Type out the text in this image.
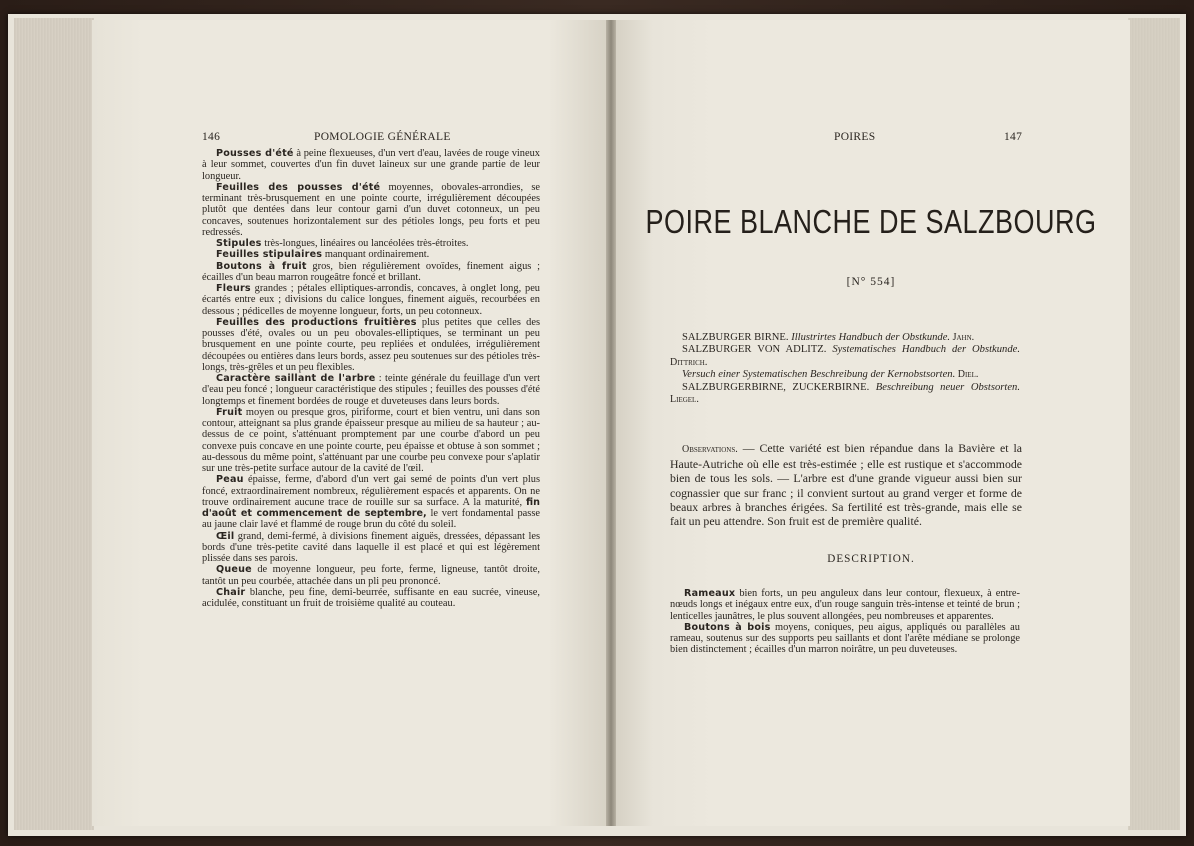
146	POMOLOGIE GÉNÉRALE

Pousses d'été à peine flexueuses, d'un vert d'eau, lavées de rouge vineux à leur sommet, couvertes d'un fin duvet laineux sur une grande partie de leur longueur.

Feuilles des pousses d'été moyennes, obovales-arrondies, se terminant très-brusquement en une pointe courte, irrégulièrement découpées plutôt que dentées dans leur contour garni d'un duvet cotonneux, un peu concaves, soutenues horizontalement sur des pétioles longs, peu forts et peu redressés.

Stipules très-longues, linéaires ou lancéolées très-étroites.

Feuilles stipulaires manquant ordinairement.

Boutons à fruit gros, bien régulièrement ovoïdes, finement aigus ; écailles d'un beau marron rougeâtre foncé et brillant.

Fleurs grandes ; pétales elliptiques-arrondis, concaves, à onglet long, peu écartés entre eux ; divisions du calice longues, finement aiguës, recourbées en dessous ; pédicelles de moyenne longueur, forts, un peu cotonneux.

Feuilles des productions fruitières plus petites que celles des pousses d'été, ovales ou un peu obovales-elliptiques, se terminant un peu brusquement en une pointe courte, peu repliées et ondulées, irrégulièrement découpées ou entières dans leurs bords, assez peu soutenues sur des pétioles très-longs, très-grêles et un peu flexibles.

Caractère saillant de l'arbre : teinte générale du feuillage d'un vert d'eau peu foncé ; longueur caractéristique des stipules ; feuilles des pousses d'été longtemps et finement bordées de rouge et duveteuses dans leurs bords.

Fruit moyen ou presque gros, piriforme, court et bien ventru, uni dans son contour, atteignant sa plus grande épaisseur presque au milieu de sa hauteur ; au-dessus de ce point, s'atténuant promptement par une courbe d'abord un peu convexe puis concave en une pointe courte, peu épaisse et obtuse à son sommet ; au-dessous du même point, s'atténuant par une courbe peu convexe pour s'aplatir sur une très-petite surface autour de la cavité de l'œil.

Peau épaisse, ferme, d'abord d'un vert gai semé de points d'un vert plus foncé, extraordinairement nombreux, régulièrement espacés et apparents. On ne trouve ordinairement aucune trace de rouille sur sa surface. A la maturité, fin d'août et commencement de septembre, le vert fondamental passe au jaune clair lavé et flammé de rouge brun du côté du soleil.

Œil grand, demi-fermé, à divisions finement aiguës, dressées, dépassant les bords d'une très-petite cavité dans laquelle il est placé et qui est légèrement plissée dans ses parois.

Queue de moyenne longueur, peu forte, ferme, ligneuse, tantôt droite, tantôt un peu courbée, attachée dans un pli peu prononcé.

Chair blanche, peu fine, demi-beurrée, suffisante en eau sucrée, vineuse, acidulée, constituant un fruit de troisième qualité au couteau.

POIRES	147
POIRE BLANCHE DE SALZBOURG
[N° 554]

SALZBURGER BIRNE. Illustrirtes Handbuch der Obstkunde. Jahn.

SALZBURGER VON ADLITZ. Systematisches Handbuch der Obstkunde. Dittrich.

Versuch einer Systematischen Beschreibung der Kernobstsorten. Diel.

SALZBURGERBIRNE, ZUCKERBIRNE. Beschreibung neuer Obstsorten. Liegel.

Observations. — Cette variété est bien répandue dans la Bavière et la Haute-Autriche où elle est très-estimée ; elle est rustique et s'accommode bien de tous les sols. — L'arbre est d'une grande vigueur aussi bien sur cognassier que sur franc ; il convient surtout au grand verger et forme de beaux arbres à branches érigées. Sa fertilité est très-grande, mais elle se fait un peu attendre. Son fruit est de première qualité.

DESCRIPTION.

Rameaux bien forts, un peu anguleux dans leur contour, flexueux, à entre-nœuds longs et inégaux entre eux, d'un rouge sanguin très-intense et teinté de brun ; lenticelles jaunâtres, le plus souvent allongées, peu nombreuses et apparentes.

Boutons à bois moyens, coniques, peu aigus, appliqués ou parallèles au rameau, soutenus sur des supports peu saillants et dont l'arête médiane se prolonge bien distinctement ; écailles d'un marron noirâtre, un peu duveteuses.
